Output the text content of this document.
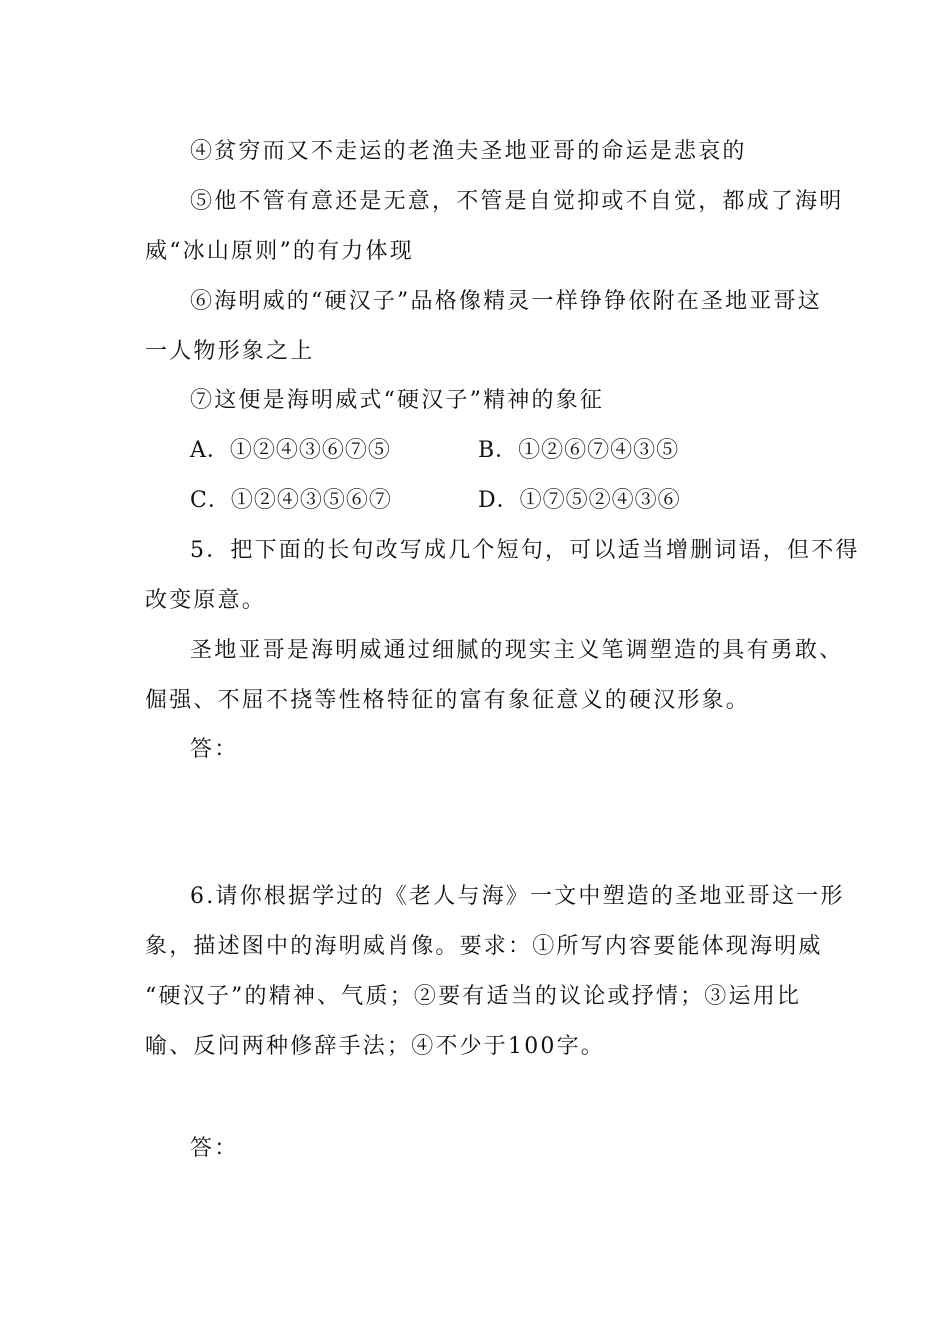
④贫穷而又不走运的老渔夫圣地亚哥的命运是悲哀的
⑤他不管有意还是无意，不管是自觉抑或不自觉，都成了海明
威“冰山原则”的有力体现
⑥海明威的“硬汉子”品格像精灵一样铮铮依附在圣地亚哥这
一人物形象之上
⑦这便是海明威式“硬汉子”精神的象征
A．①②④③⑥⑦⑤	B．①②⑥⑦④③⑤
C．①②④③⑤⑥⑦	D．①⑦⑤②④③⑥
5．把下面的长句改写成几个短句，可以适当增删词语，但不得
改变原意。
圣地亚哥是海明威通过细腻的现实主义笔调塑造的具有勇敢、
倔强、不屈不挠等性格特征的富有象征意义的硬汉形象。
答：
6.请你根据学过的《老人与海》一文中塑造的圣地亚哥这一形
象，描述图中的海明威肖像。要求：①所写内容要能体现海明威
“硬汉子”的精神、气质；②要有适当的议论或抒情；③运用比
喻、反问两种修辞手法；④不少于100字。
答：
